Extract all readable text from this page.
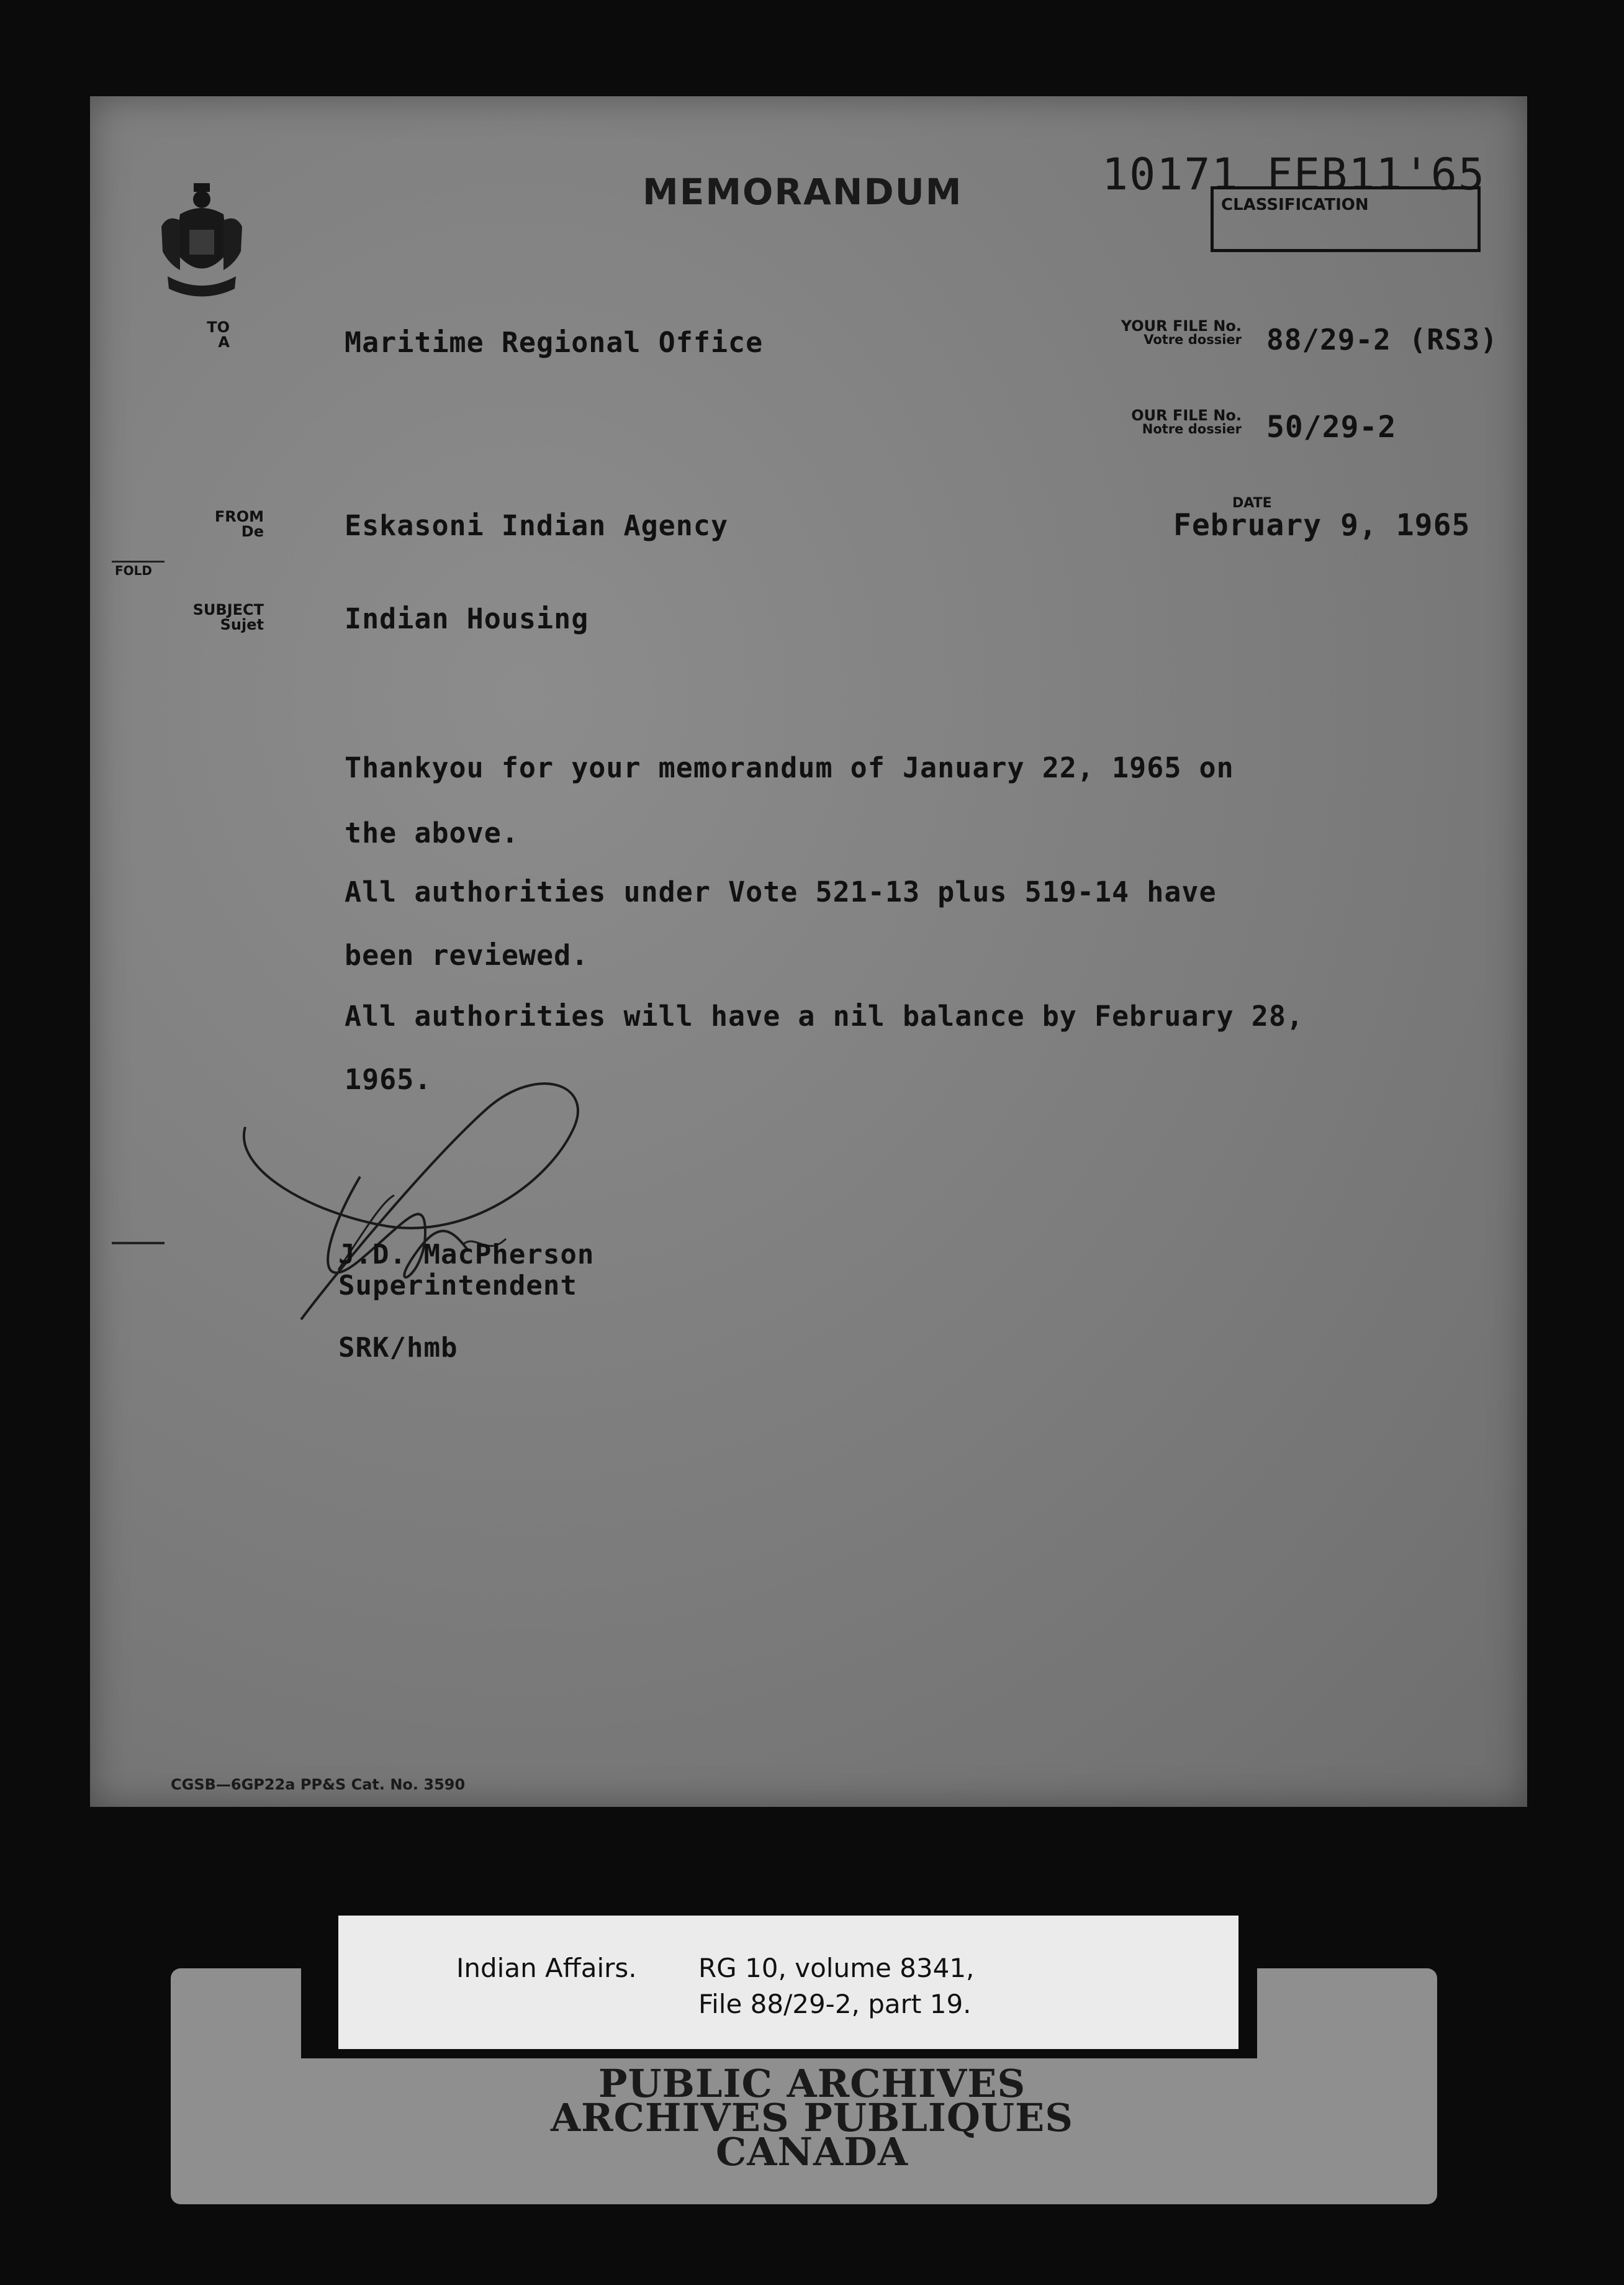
MEMORANDUM	10171 FEB11'65
CLASSIFICATION
TO
A	Maritime Regional Office	YOUR FILE No.
Votre dossier 88/29-2 (RS3)
OUR FILE No.
Notre dossier 50/29-2
FROM
De	Eskasoni Indian Agency
DATE
February 9, 1965
FOLD
SUBJECT
Sujet	Indian Housing
Thankyou for your memorandum of January 22, 1965 on
the above.
All authorities under Vote 521-13 plus 519-14 have
been reviewed.
All authorities will have a nil balance by February 28,
1965.
J.D. MacPherson
Superintendent
SRK/hmb
CGSB—6GP22a PP&S Cat. No. 3590
Indian Affairs. RG 10, volume 8341,
File 88/29-2, part 19.
PUBLIC ARCHIVES
ARCHIVES PUBLIQUES
CANADA
